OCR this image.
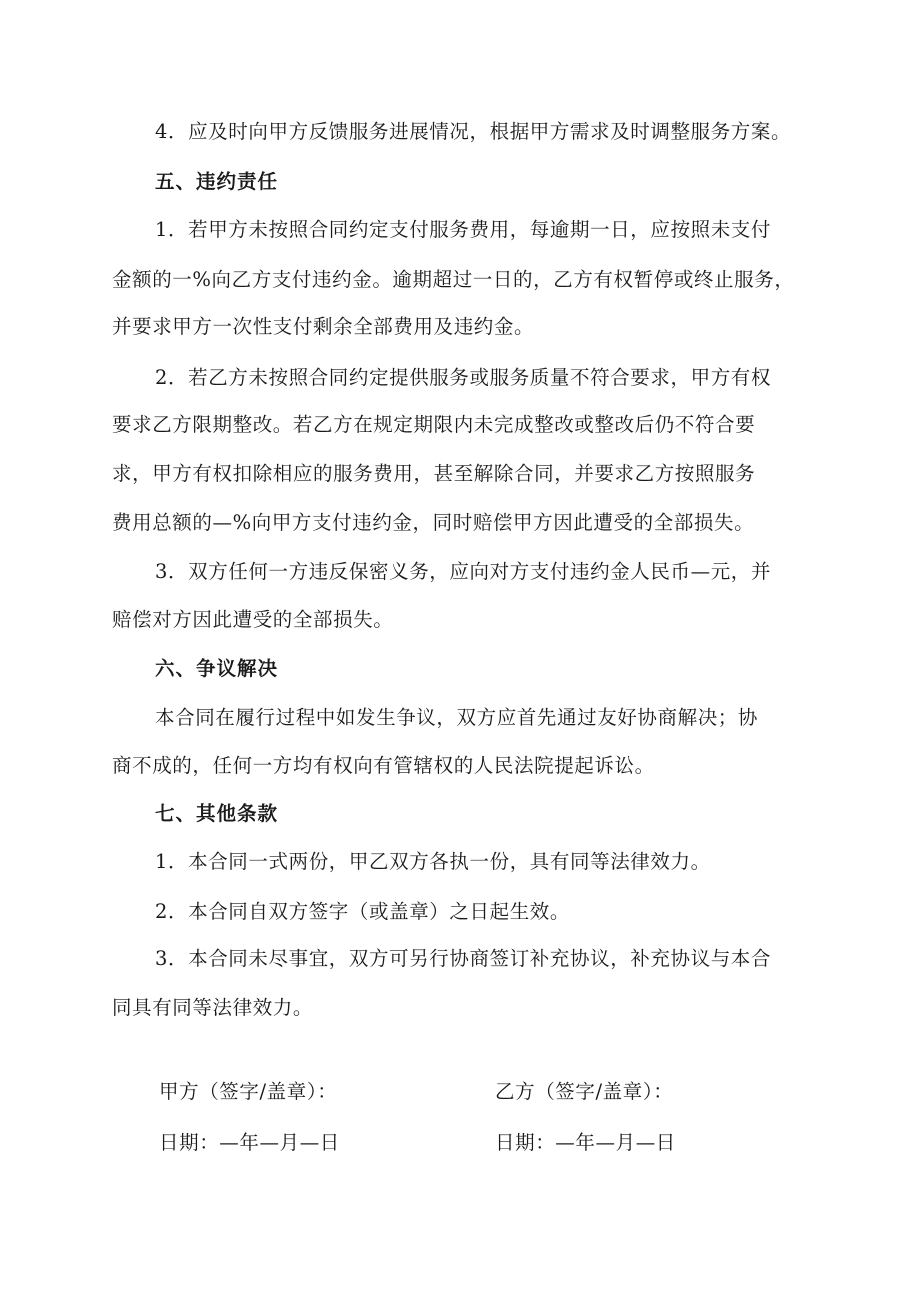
4．应及时向甲方反馈服务进展情况，根据甲方需求及时调整服务方案。
五、违约责任
1．若甲方未按照合同约定支付服务费用，每逾期一日，应按照未支付
金额的一%向乙方支付违约金。逾期超过一日的，乙方有权暂停或终止服务，
并要求甲方一次性支付剩余全部费用及违约金。
2．若乙方未按照合同约定提供服务或服务质量不符合要求，甲方有权
要求乙方限期整改。若乙方在规定期限内未完成整改或整改后仍不符合要
求，甲方有权扣除相应的服务费用，甚至解除合同，并要求乙方按照服务
费用总额的—%向甲方支付违约金，同时赔偿甲方因此遭受的全部损失。
3．双方任何一方违反保密义务，应向对方支付违约金人民币—元，并
赔偿对方因此遭受的全部损失。
六、争议解决
本合同在履行过程中如发生争议，双方应首先通过友好协商解决；协
商不成的，任何一方均有权向有管辖权的人民法院提起诉讼。
七、其他条款
1．本合同一式两份，甲乙双方各执一份，具有同等法律效力。
2．本合同自双方签字（或盖章）之日起生效。
3．本合同未尽事宜，双方可另行协商签订补充协议，补充协议与本合
同具有同等法律效力。
甲方（签字/盖章）：	乙方（签字/盖章）：
日期：—年—月—日	日期：—年—月—日
